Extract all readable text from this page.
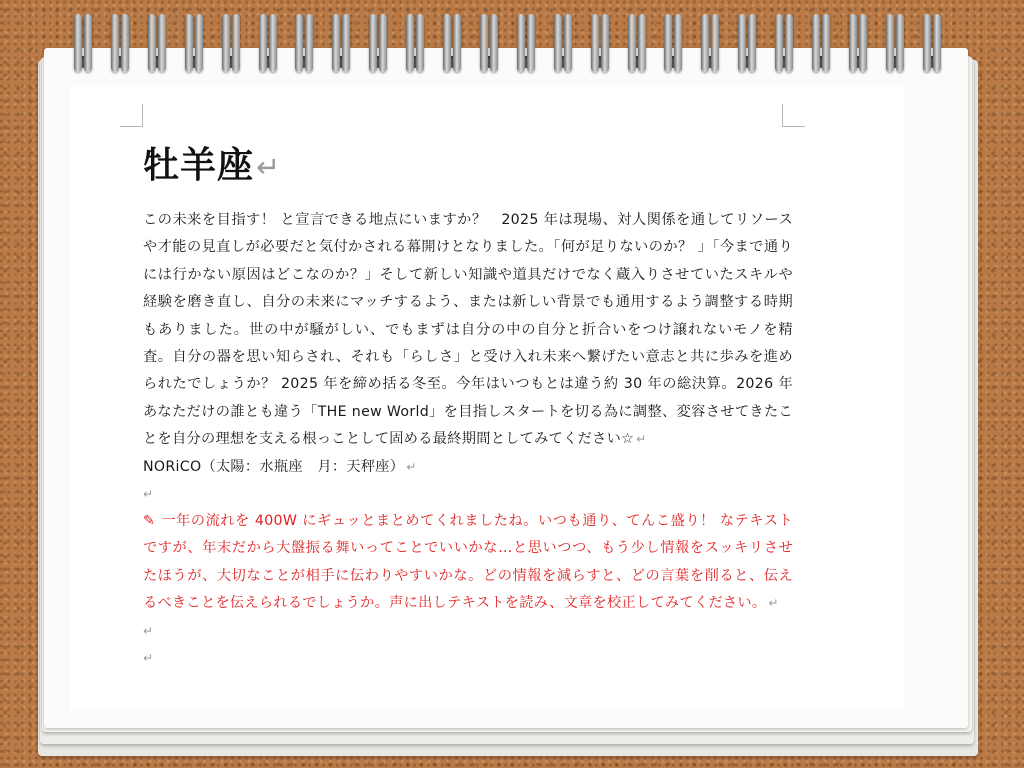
牡羊座↵

この未来を目指す！ と宣言できる地点にいますか？　2025 年は現場、対人関係を通してリソースや才能の見直しが必要だと気付かされる幕開けとなりました。「何が足りないのか？ 」「今まで通りには行かない原因はどこなのか？」そして新しい知識や道具だけでなく蔵入りさせていたスキルや経験を磨き直し、自分の未来にマッチするよう、または新しい背景でも通用するよう調整する時期もありました。世の中が騒がしい、でもまずは自分の中の自分と折合いをつけ譲れないモノを精査。自分の器を思い知らされ、それも「らしさ」と受け入れ未来へ繋げたい意志と共に歩みを進められたでしょうか？ 2025 年を締め括る冬至。今年はいつもとは違う約 30 年の総決算。2026 年あなただけの誰とも違う「THE new World」を目指しスタートを切る為に調整、変容させてきたことを自分の理想を支える根っことして固める最終期間としてみてください☆ ↵

NORiCO（太陽：水瓶座　月：天秤座） ↵

↵

✎ 一年の流れを 400W にギュッとまとめてくれましたね。いつも通り、てんこ盛り！ なテキストですが、年末だから大盤振る舞いってことでいいかな…と思いつつ、もう少し情報をスッキリさせたほうが、大切なことが相手に伝わりやすいかな。どの情報を減らすと、どの言葉を削ると、伝えるべきことを伝えられるでしょうか。声に出しテキストを読み、文章を校正してみてください。 ↵

↵
↵
